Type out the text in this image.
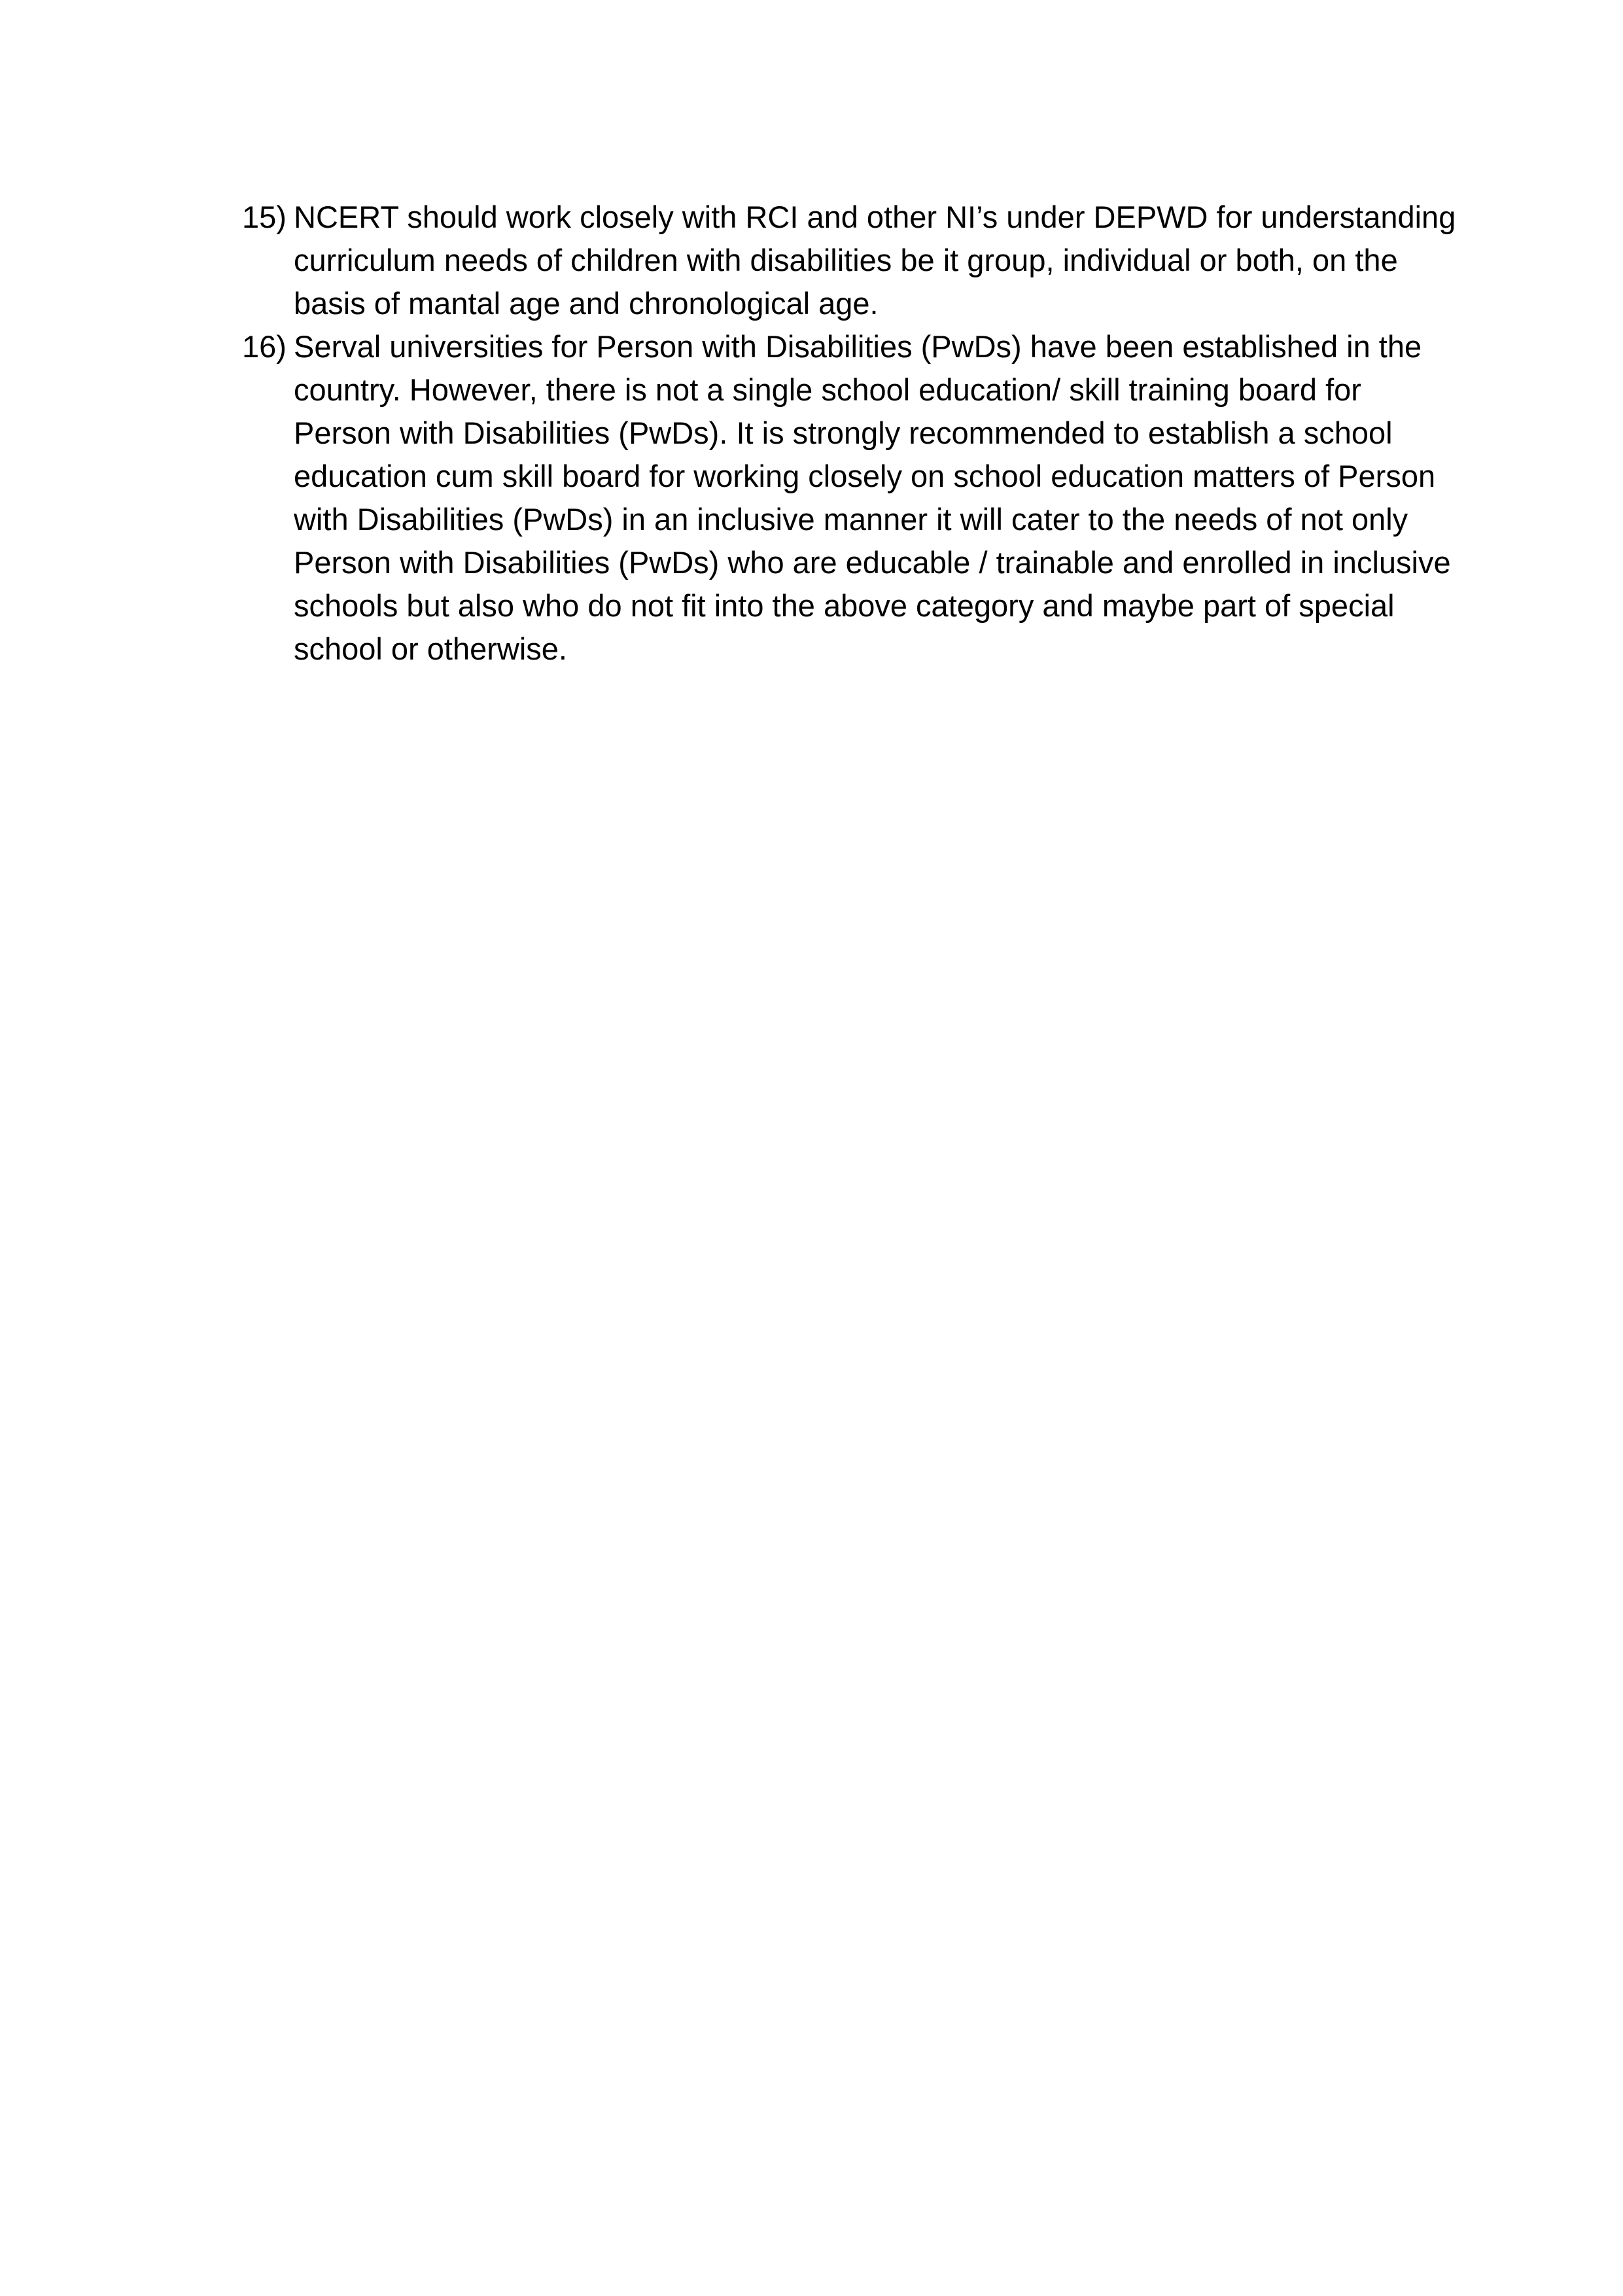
15) NCERT should work closely with RCI and other NI’s under DEPWD for understanding
curriculum needs of children with disabilities be it group, individual or both, on the
basis of mantal age and chronological age.
16) Serval universities for Person with Disabilities (PwDs) have been established in the
country. However, there is not a single school education/ skill training board for
Person with Disabilities (PwDs). It is strongly recommended to establish a school
education cum skill board for working closely on school education matters of Person
with Disabilities (PwDs) in an inclusive manner it will cater to the needs of not only
Person with Disabilities (PwDs) who are educable / trainable and enrolled in inclusive
schools but also who do not fit into the above category and maybe part of special
school or otherwise.
